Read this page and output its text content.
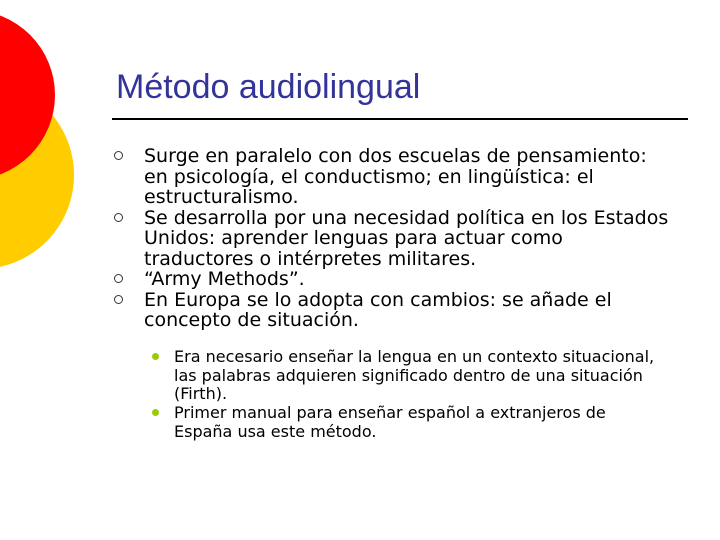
Método audiolingual
Surge en paralelo con dos escuelas de pensamiento: en psicología, el conductismo; en lingüística: el estructuralismo.
Se desarrolla por una necesidad política en los Estados Unidos: aprender lenguas para actuar como traductores o intérpretes militares.
“Army Methods”.
En Europa se lo adopta con cambios: se añade el concepto de situación.
Era necesario enseñar la lengua en un contexto situacional, las palabras adquieren significado dentro de una situación (Firth).
Primer manual para enseñar español a extranjeros de España usa este método.
